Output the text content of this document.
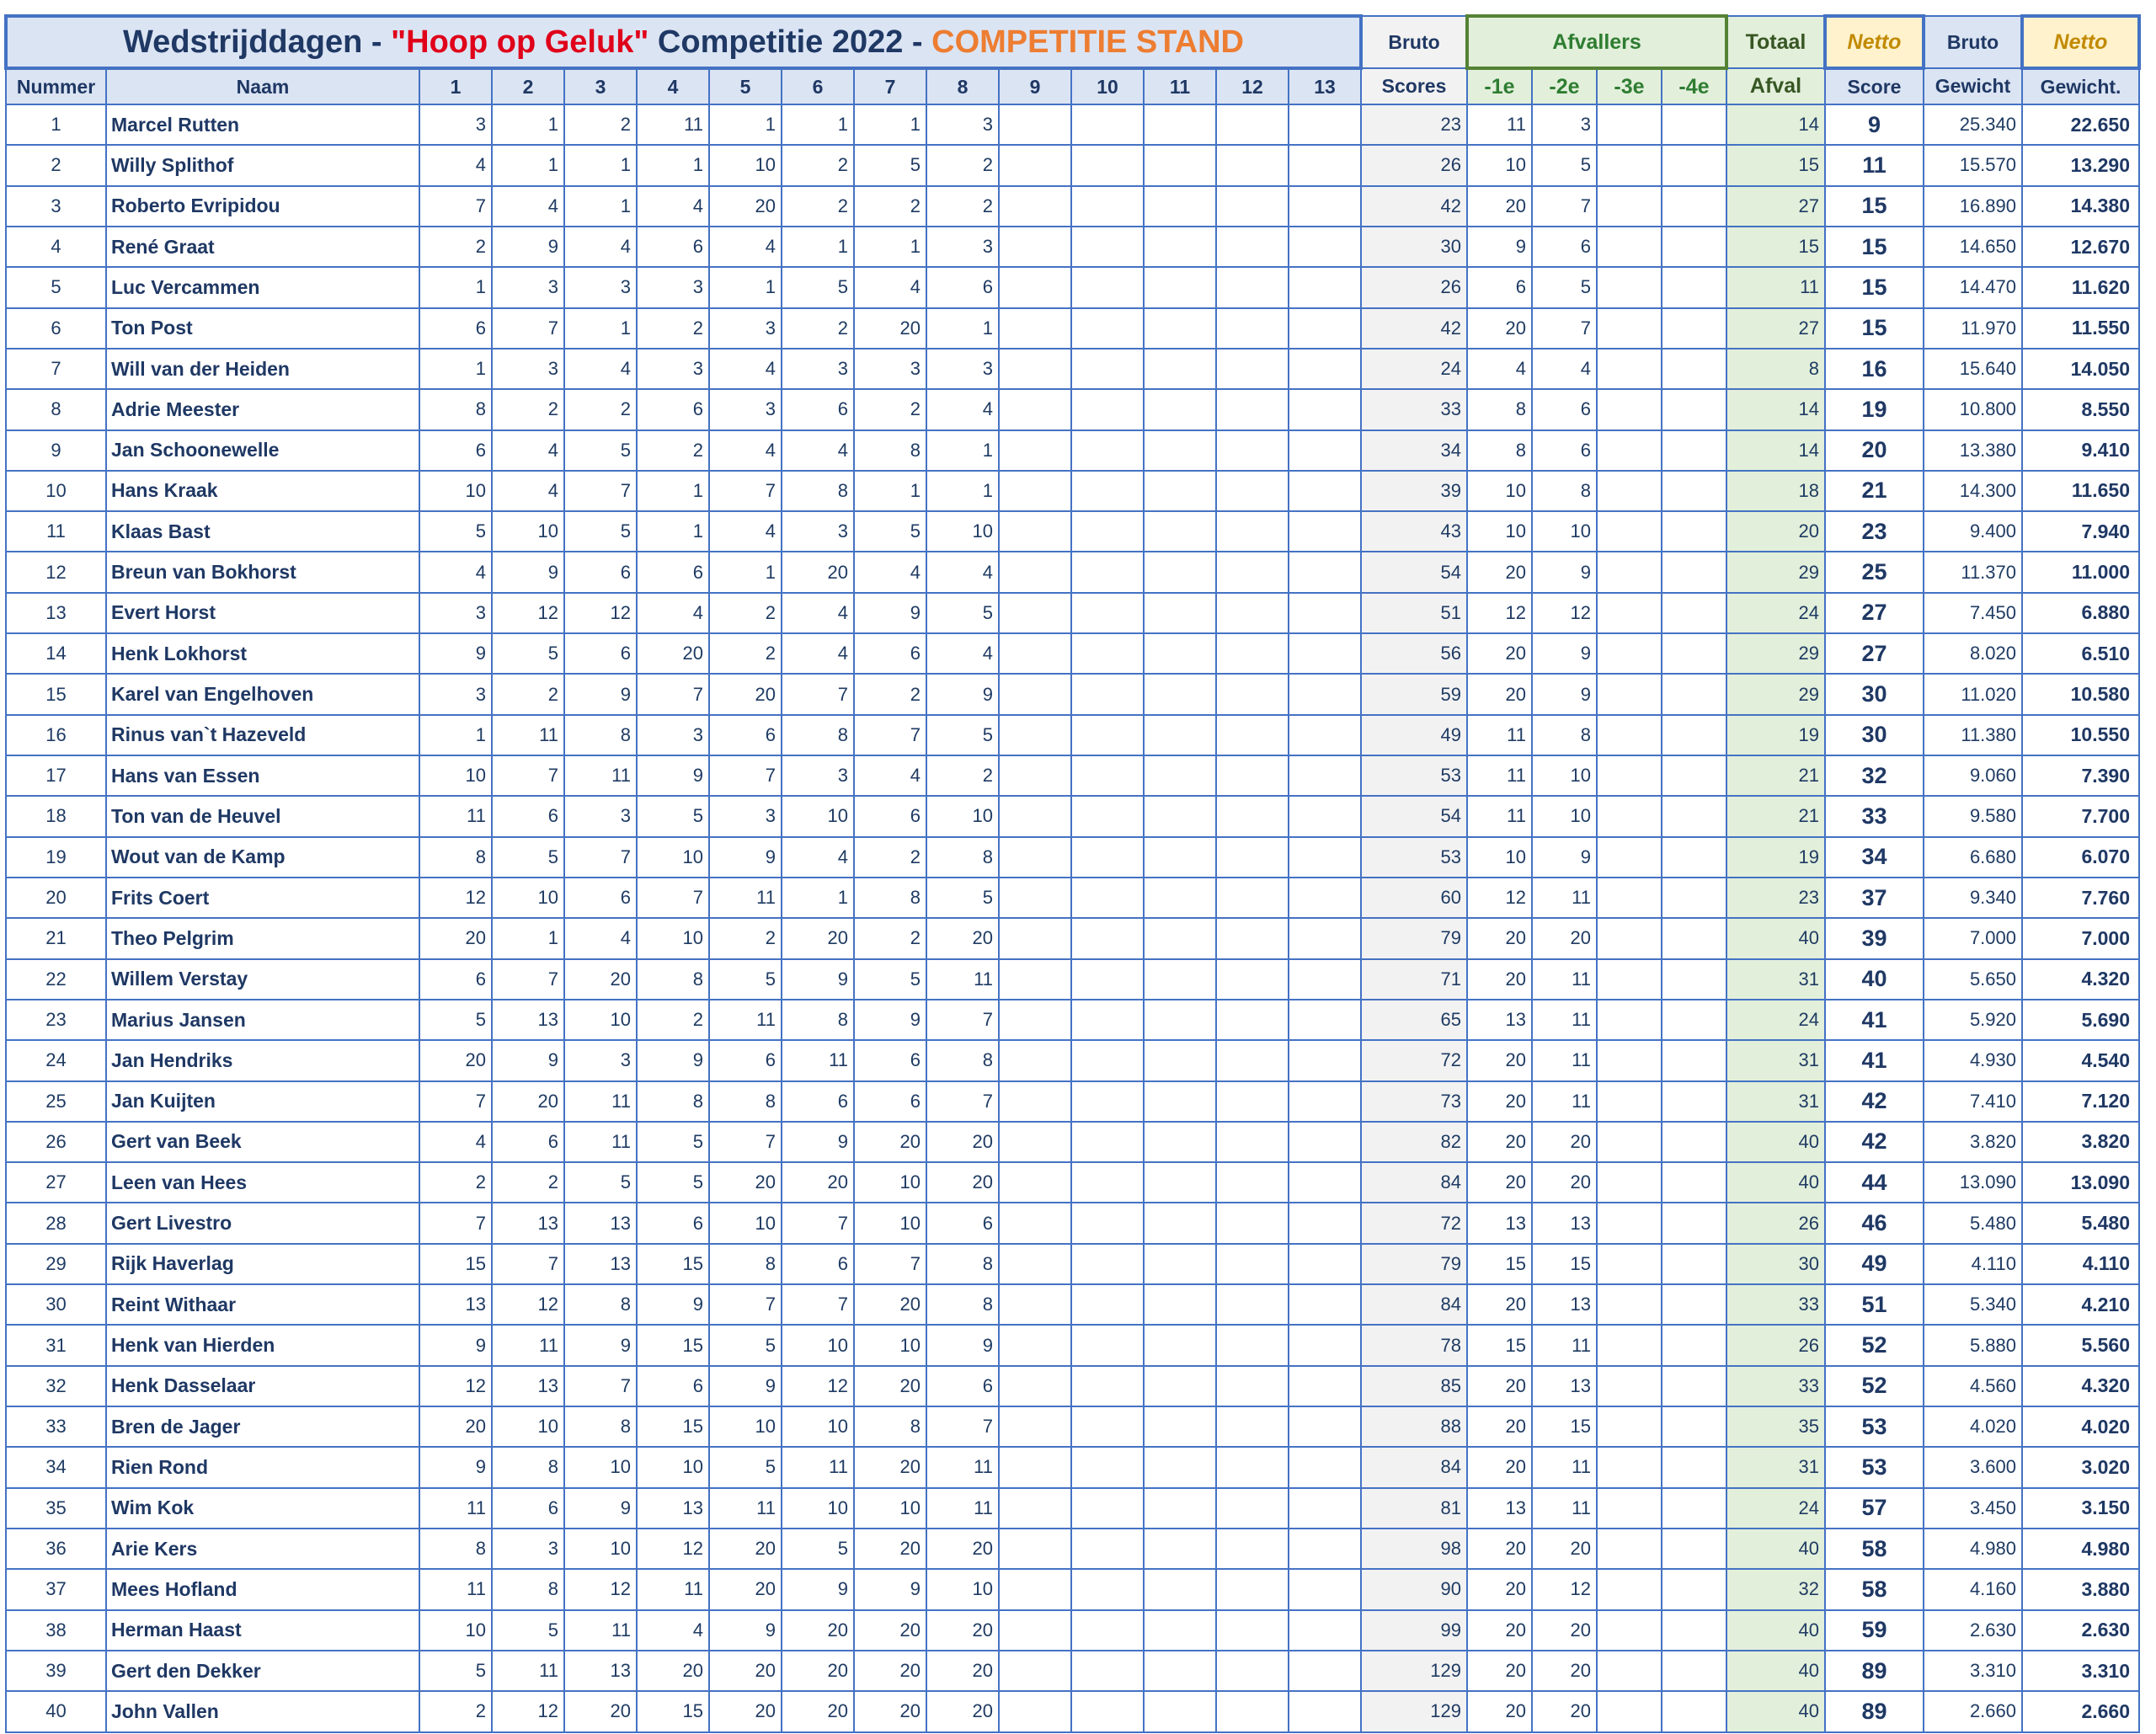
Wedstrijddagen - "Hoop op Geluk" Competitie 2022 - COMPETITIE STAND															Bruto	Afvallers				Totaal	Netto	Bruto	Netto
Nummer	Naam	1	2	3	4	5	6	7	8	9	10	11	12	13	Scores	-1e	-2e	-3e	-4e	Afval	Score	Gewicht	Gewicht.
1	Marcel Rutten	3	1	2	11	1	1	1	3						23	11	3			14	9	25.340	22.650
2	Willy Splithof	4	1	1	1	10	2	5	2						26	10	5			15	11	15.570	13.290
3	Roberto Evripidou	7	4	1	4	20	2	2	2						42	20	7			27	15	16.890	14.380
4	René Graat	2	9	4	6	4	1	1	3						30	9	6			15	15	14.650	12.670
5	Luc Vercammen	1	3	3	3	1	5	4	6						26	6	5			11	15	14.470	11.620
6	Ton Post	6	7	1	2	3	2	20	1						42	20	7			27	15	11.970	11.550
7	Will van der Heiden	1	3	4	3	4	3	3	3						24	4	4			8	16	15.640	14.050
8	Adrie Meester	8	2	2	6	3	6	2	4						33	8	6			14	19	10.800	8.550
9	Jan Schoonewelle	6	4	5	2	4	4	8	1						34	8	6			14	20	13.380	9.410
10	Hans Kraak	10	4	7	1	7	8	1	1						39	10	8			18	21	14.300	11.650
11	Klaas Bast	5	10	5	1	4	3	5	10						43	10	10			20	23	9.400	7.940
12	Breun van Bokhorst	4	9	6	6	1	20	4	4						54	20	9			29	25	11.370	11.000
13	Evert Horst	3	12	12	4	2	4	9	5						51	12	12			24	27	7.450	6.880
14	Henk Lokhorst	9	5	6	20	2	4	6	4						56	20	9			29	27	8.020	6.510
15	Karel van Engelhoven	3	2	9	7	20	7	2	9						59	20	9			29	30	11.020	10.580
16	Rinus van`t Hazeveld	1	11	8	3	6	8	7	5						49	11	8			19	30	11.380	10.550
17	Hans van Essen	10	7	11	9	7	3	4	2						53	11	10			21	32	9.060	7.390
18	Ton van de Heuvel	11	6	3	5	3	10	6	10						54	11	10			21	33	9.580	7.700
19	Wout van de Kamp	8	5	7	10	9	4	2	8						53	10	9			19	34	6.680	6.070
20	Frits Coert	12	10	6	7	11	1	8	5						60	12	11			23	37	9.340	7.760
21	Theo Pelgrim	20	1	4	10	2	20	2	20						79	20	20			40	39	7.000	7.000
22	Willem Verstay	6	7	20	8	5	9	5	11						71	20	11			31	40	5.650	4.320
23	Marius Jansen	5	13	10	2	11	8	9	7						65	13	11			24	41	5.920	5.690
24	Jan Hendriks	20	9	3	9	6	11	6	8						72	20	11			31	41	4.930	4.540
25	Jan Kuijten	7	20	11	8	8	6	6	7						73	20	11			31	42	7.410	7.120
26	Gert van Beek	4	6	11	5	7	9	20	20						82	20	20			40	42	3.820	3.820
27	Leen van Hees	2	2	5	5	20	20	10	20						84	20	20			40	44	13.090	13.090
28	Gert Livestro	7	13	13	6	10	7	10	6						72	13	13			26	46	5.480	5.480
29	Rijk Haverlag	15	7	13	15	8	6	7	8						79	15	15			30	49	4.110	4.110
30	Reint Withaar	13	12	8	9	7	7	20	8						84	20	13			33	51	5.340	4.210
31	Henk van Hierden	9	11	9	15	5	10	10	9						78	15	11			26	52	5.880	5.560
32	Henk Dasselaar	12	13	7	6	9	12	20	6						85	20	13			33	52	4.560	4.320
33	Bren de Jager	20	10	8	15	10	10	8	7						88	20	15			35	53	4.020	4.020
34	Rien Rond	9	8	10	10	5	11	20	11						84	20	11			31	53	3.600	3.020
35	Wim Kok	11	6	9	13	11	10	10	11						81	13	11			24	57	3.450	3.150
36	Arie Kers	8	3	10	12	20	5	20	20						98	20	20			40	58	4.980	4.980
37	Mees Hofland	11	8	12	11	20	9	9	10						90	20	12			32	58	4.160	3.880
38	Herman Haast	10	5	11	4	9	20	20	20						99	20	20			40	59	2.630	2.630
39	Gert den Dekker	5	11	13	20	20	20	20	20						129	20	20			40	89	3.310	3.310
40	John Vallen	2	12	20	15	20	20	20	20						129	20	20			40	89	2.660	2.660
